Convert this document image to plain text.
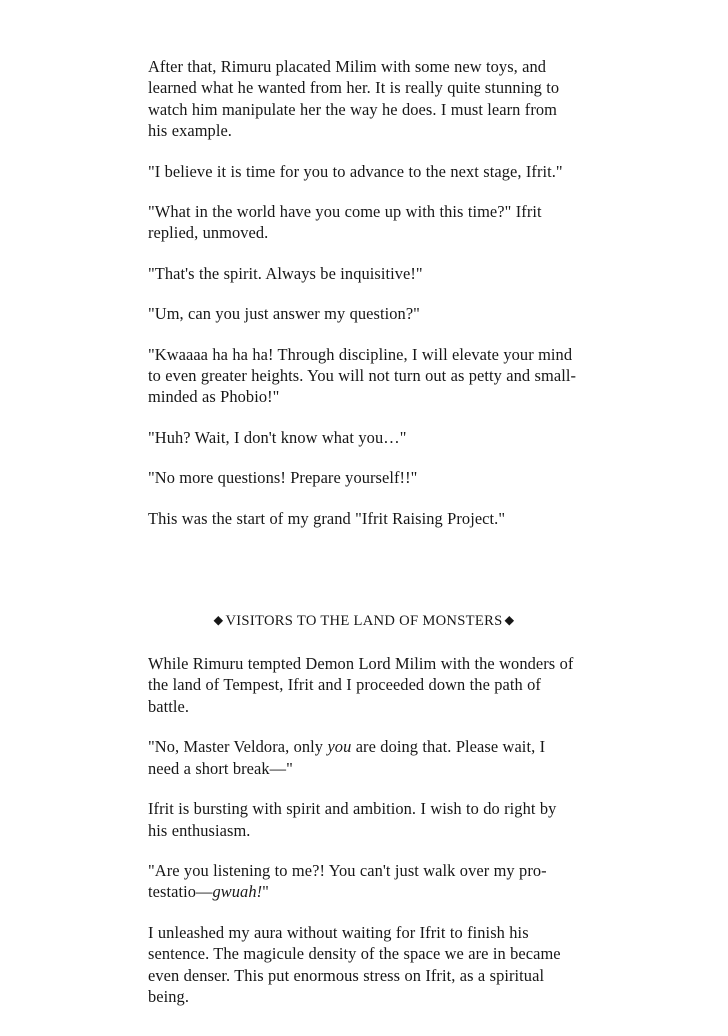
After that, Rimuru placated Milim with some new toys, and learned what he wanted from her. It is really quite stunning to watch him manipulate her the way he does. I must learn from his example.

"I believe it is time for you to advance to the next stage, Ifrit."

"What in the world have you come up with this time?" Ifrit replied, unmoved.

"That's the spirit. Always be inquisitive!"

"Um, can you just answer my question?"

"Kwaaaa ha ha ha! Through discipline, I will elevate your mind to even greater heights. You will not turn out as petty and small-minded as Phobio!"

"Huh? Wait, I don't know what you…"

"No more questions! Prepare yourself!!"

This was the start of my grand "Ifrit Raising Project."

◆ VISITORS TO THE LAND OF MONSTERS ◆

While Rimuru tempted Demon Lord Milim with the wonders of the land of Tempest, Ifrit and I proceeded down the path of battle.

"No, Master Veldora, only you are doing that. Please wait, I need a short break—"

Ifrit is bursting with spirit and ambition. I wish to do right by his enthusiasm.

"Are you listening to me?! You can't just walk over my pro-testatio—gwuah!"

I unleashed my aura without waiting for Ifrit to finish his sentence. The magicule density of the space we are in became even denser. This put enormous stress on Ifrit, as a spiritual being.
